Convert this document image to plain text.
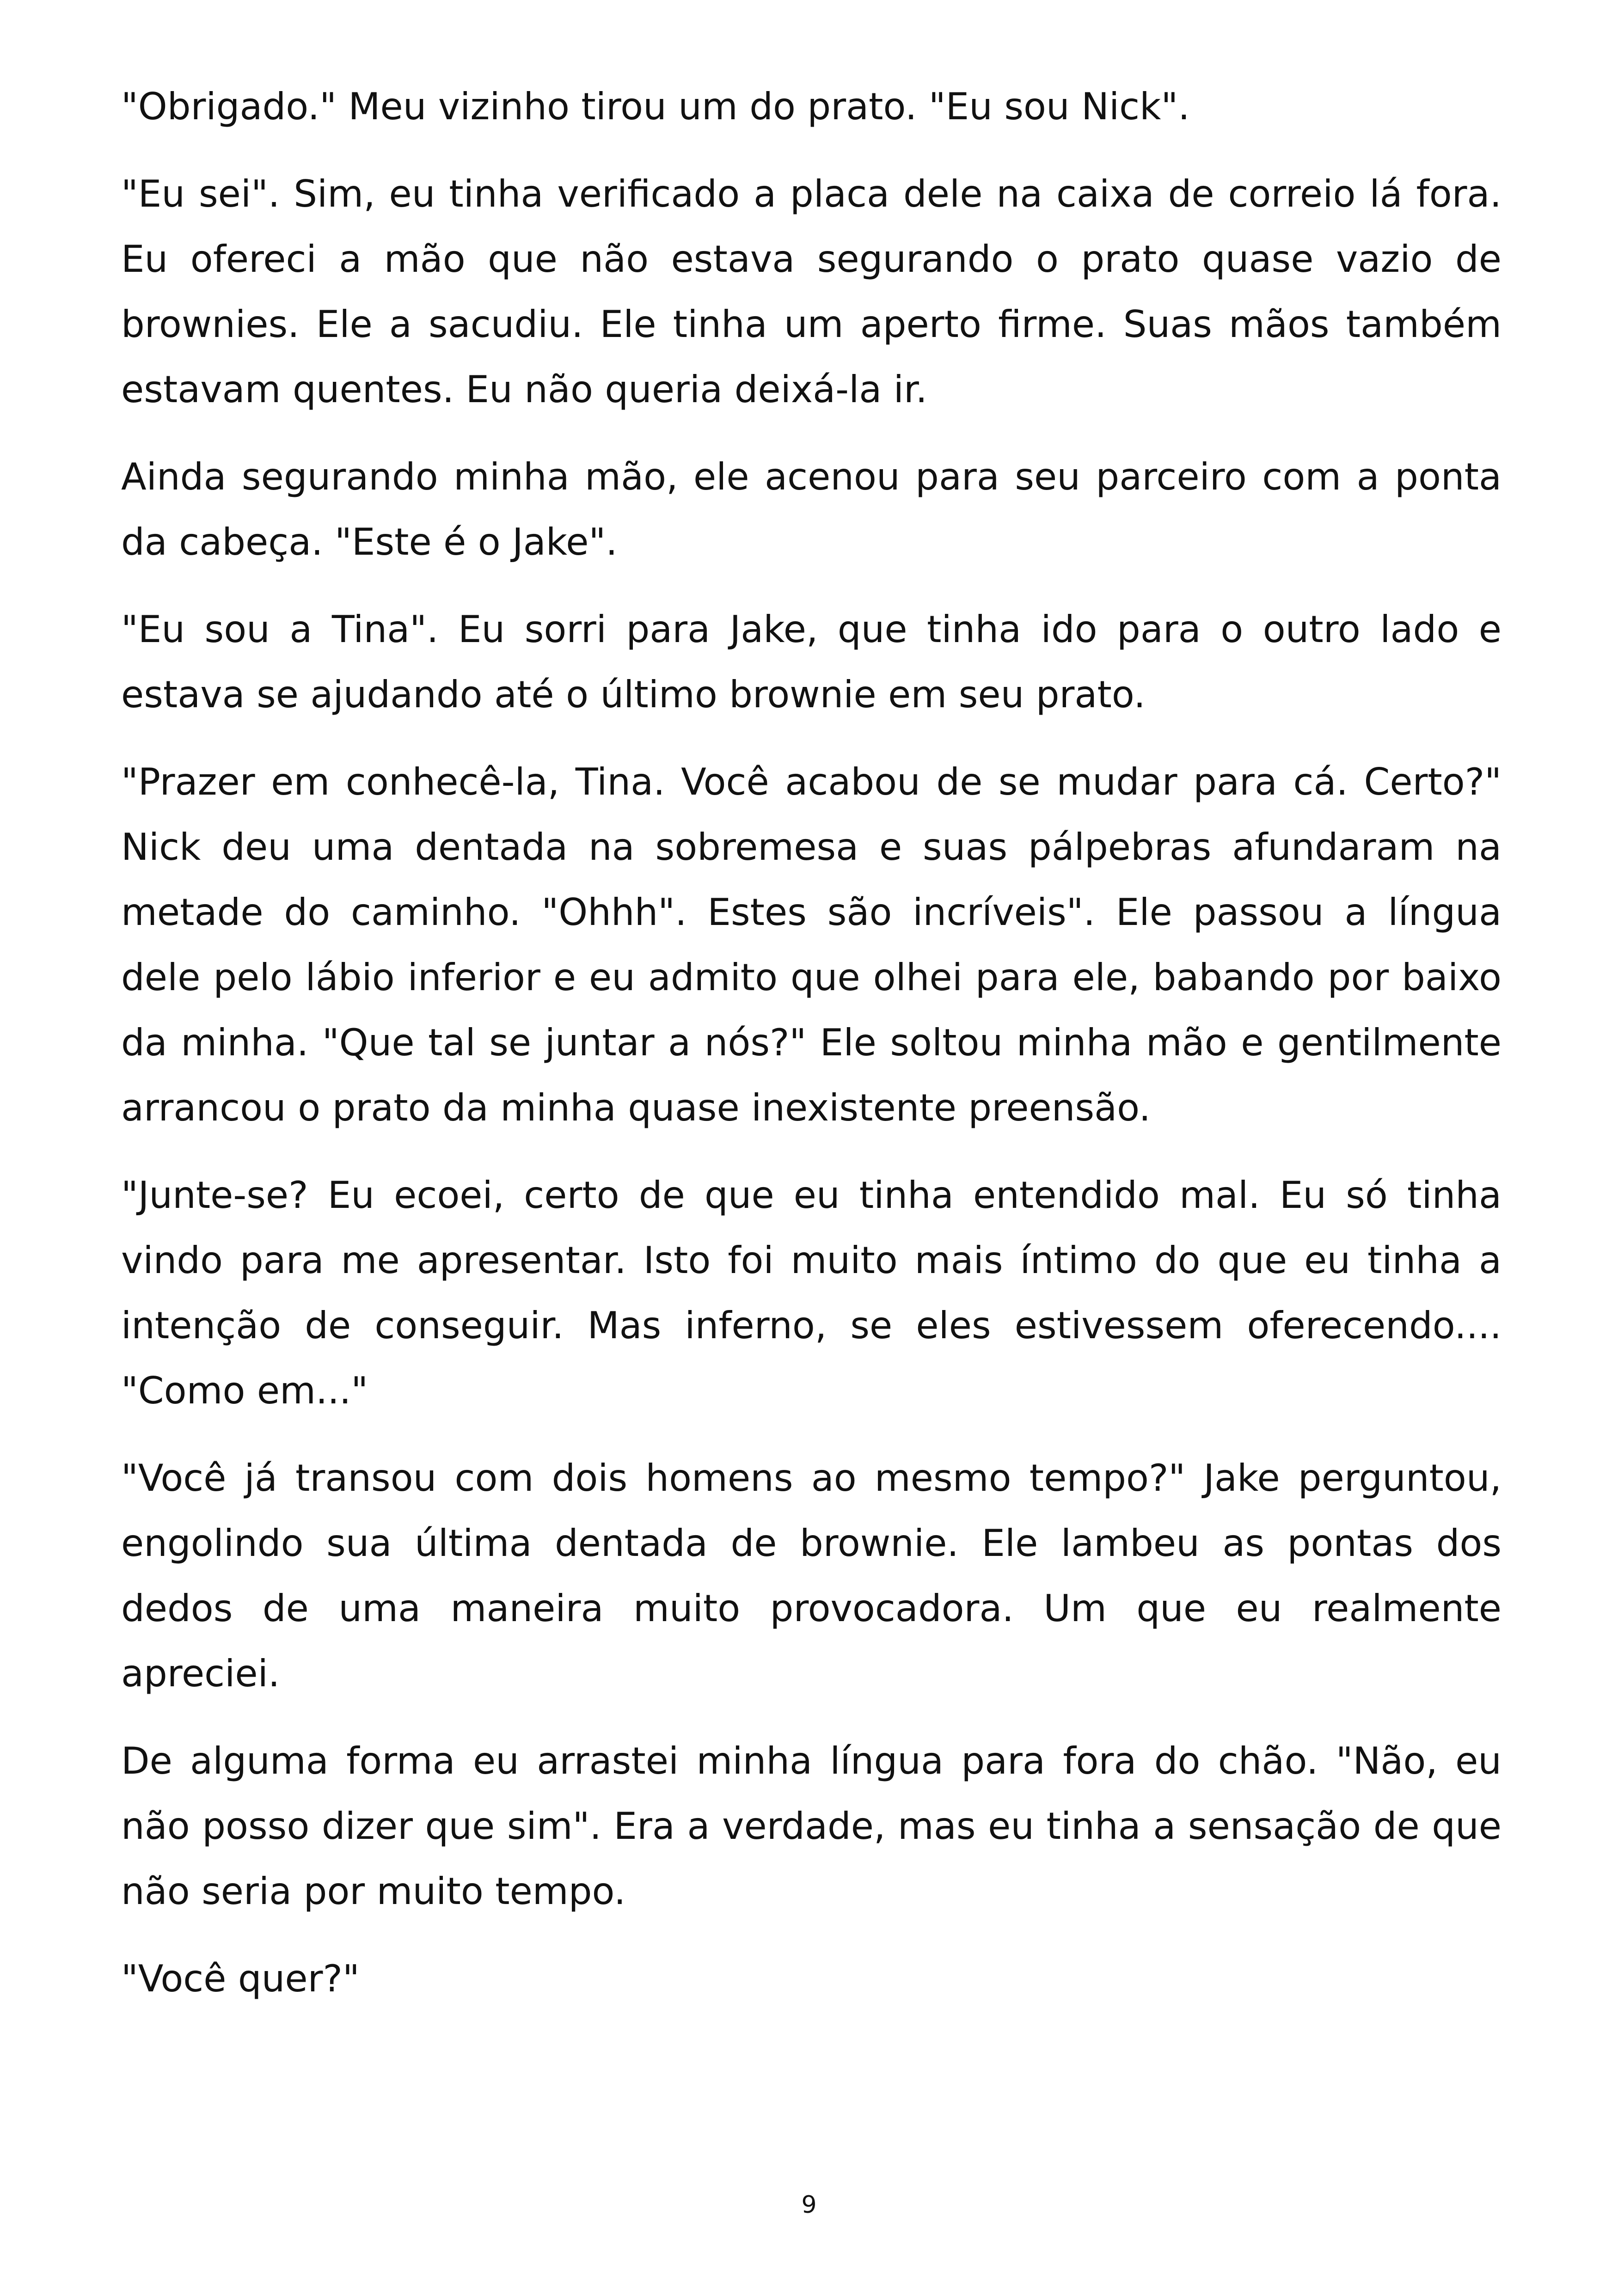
"Obrigado." Meu vizinho tirou um do prato. "Eu sou Nick".

"Eu sei". Sim, eu tinha verificado a placa dele na caixa de correio lá fora. Eu ofereci a mão que não estava segurando o prato quase vazio de brownies. Ele a sacudiu. Ele tinha um aperto firme. Suas mãos também estavam quentes. Eu não queria deixá-la ir.

Ainda segurando minha mão, ele acenou para seu parceiro com a ponta da cabeça. "Este é o Jake".

"Eu sou a Tina". Eu sorri para Jake, que tinha ido para o outro lado e estava se ajudando até o último brownie em seu prato.

"Prazer em conhecê-la, Tina. Você acabou de se mudar para cá. Certo?" Nick deu uma dentada na sobremesa e suas pálpebras afundaram na metade do caminho. "Ohhh". Estes são incríveis". Ele passou a língua dele pelo lábio inferior e eu admito que olhei para ele, babando por baixo da minha. "Que tal se juntar a nós?" Ele soltou minha mão e gentilmente arrancou o prato da minha quase inexistente preensão.

"Junte-se? Eu ecoei, certo de que eu tinha entendido mal. Eu só tinha vindo para me apresentar. Isto foi muito mais íntimo do que eu tinha a intenção de conseguir. Mas inferno, se eles estivessem oferecendo.... "Como em..."

"Você já transou com dois homens ao mesmo tempo?" Jake perguntou, engolindo sua última dentada de brownie. Ele lambeu as pontas dos dedos de uma maneira muito provocadora. Um que eu realmente apreciei.

De alguma forma eu arrastei minha língua para fora do chão. "Não, eu não posso dizer que sim". Era a verdade, mas eu tinha a sensação de que não seria por muito tempo.

"Você quer?"

9
